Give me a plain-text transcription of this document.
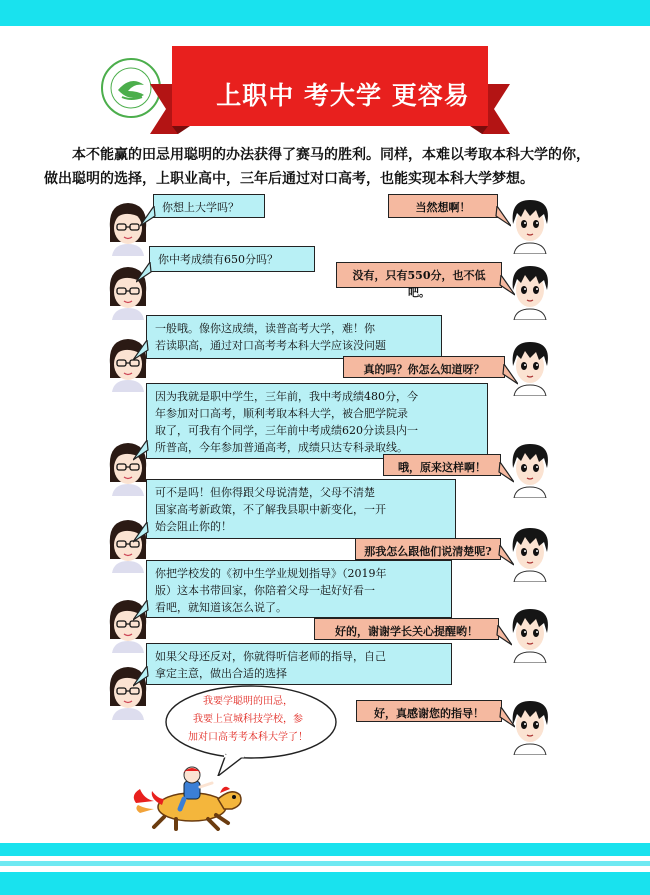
上职中 考大学 更容易

本不能赢的田忌用聪明的办法获得了赛马的胜利。同样，本难以考取本科大学的你，

做出聪明的选择，上职业高中，三年后通过对口高考，也能实现本科大学梦想。

你想上大学吗？	当然想啊！
你中考成绩有650分吗？
没有，只有550分，也不低吧。
一般哦。像你这成绩，读普高考大学，难！你
若读职高，通过对口高考考本科大学应该没问题
真的吗？你怎么知道呀？
因为我就是职中学生，三年前，我中考成绩480分，今
年参加对口高考，顺利考取本科大学，被合肥学院录
取了，可我有个同学，三年前中考成绩620分读县内一
所普高，今年参加普通高考，成绩只达专科录取线。
哦，原来这样啊！
可不是吗！但你得跟父母说清楚，父母不清楚
国家高考新政策，不了解我县职中新变化，一开
始会阻止你的！
那我怎么跟他们说清楚呢?
你把学校发的《初中生学业规划指导》（2019年
版）这本书带回家，你陪着父母一起好好看一
看吧，就知道该怎么说了。
好的，谢谢学长关心提醒哟！
如果父母还反对，你就得听信老师的指导，自己
拿定主意，做出合适的选择
好，真感谢您的指导！
我要学聪明的田忌，
我要上宣城科技学校，参
加对口高考考本科大学了！
